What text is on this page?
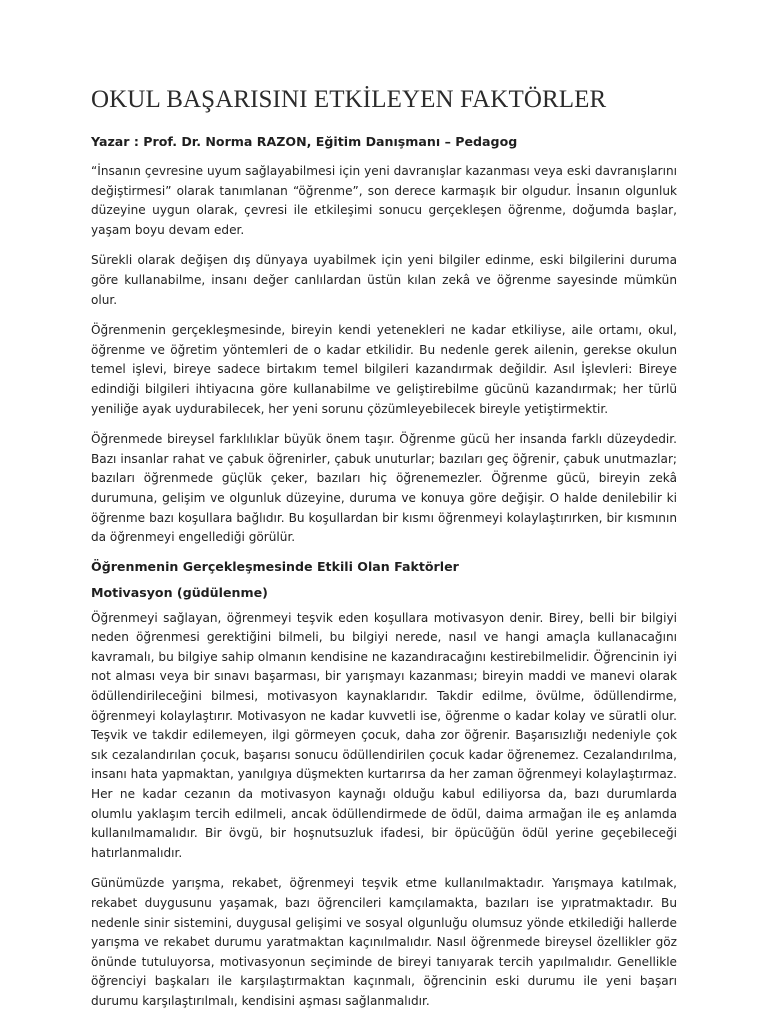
OKUL BAŞARISINI ETKİLEYEN FAKTÖRLER
Yazar : Prof. Dr. Norma RAZON, Eğitim Danışmanı – Pedagog

“İnsanın çevresine uyum sağlayabilmesi için yeni davranışlar kazanması veya eski davranışlarını değiştirmesi” olarak tanımlanan “öğrenme”, son derece karmaşık bir olgudur. İnsanın olgunluk düzeyine uygun olarak, çevresi ile etkileşimi sonucu gerçekleşen öğrenme, doğumda başlar, yaşam boyu devam eder.

Sürekli olarak değişen dış dünyaya uyabilmek için yeni bilgiler edinme, eski bilgilerini duruma göre kullanabilme, insanı değer canlılardan üstün kılan zekâ ve öğrenme sayesinde mümkün olur.

Öğrenmenin gerçekleşmesinde, bireyin kendi yetenekleri ne kadar etkiliyse, aile ortamı, okul, öğrenme ve öğretim yöntemleri de o kadar etkilidir. Bu nedenle gerek ailenin, gerekse okulun temel işlevi, bireye sadece birtakım temel bilgileri kazandırmak değildir. Asıl İşlevleri: Bireye edindiği bilgileri ihtiyacına göre kullanabilme ve geliştirebilme gücünü kazandırmak; her türlü yeniliğe ayak uydurabilecek, her yeni sorunu çözümleyebilecek bireyle yetiştirmektir.

Öğrenmede bireysel farklılıklar büyük önem taşır. Öğrenme gücü her insanda farklı düzeydedir. Bazı insanlar rahat ve çabuk öğrenirler, çabuk unuturlar; bazıları geç öğrenir, çabuk unutmazlar; bazıları öğrenmede güçlük çeker, bazıları hiç öğrenemezler. Öğrenme gücü, bireyin zekâ durumuna, gelişim ve olgunluk düzeyine, duruma ve konuya göre değişir. O halde denilebilir ki öğrenme bazı koşullara bağlıdır. Bu koşullardan bir kısmı öğrenmeyi kolaylaştırırken, bir kısmının da öğrenmeyi engellediği görülür.

Öğrenmenin Gerçekleşmesinde Etkili Olan Faktörler
Motivasyon (güdülenme)

Öğrenmeyi sağlayan, öğrenmeyi teşvik eden koşullara motivasyon denir. Birey, belli bir bilgiyi neden öğrenmesi gerektiğini bilmeli, bu bilgiyi nerede, nasıl ve hangi amaçla kullanacağını kavramalı, bu bilgiye sahip olmanın kendisine ne kazandıracağını kestirebilmelidir. Öğrencinin iyi not alması veya bir sınavı başarması, bir yarışmayı kazanması; bireyin maddi ve manevi olarak ödüllendirileceğini bilmesi, motivasyon kaynaklarıdır. Takdir edilme, övülme, ödüllendirme, öğrenmeyi kolaylaştırır. Motivasyon ne kadar kuvvetli ise, öğrenme o kadar kolay ve süratli olur. Teşvik ve takdir edilemeyen, ilgi görmeyen çocuk, daha zor öğrenir. Başarısızlığı nedeniyle çok sık cezalandırılan çocuk, başarısı sonucu ödüllendirilen çocuk kadar öğrenemez. Cezalandırılma, insanı hata yapmaktan, yanılgıya düşmekten kurtarırsa da her zaman öğrenmeyi kolaylaştırmaz. Her ne kadar cezanın da motivasyon kaynağı olduğu kabul ediliyorsa da, bazı durumlarda olumlu yaklaşım tercih edilmeli, ancak ödüllendirmede de ödül, daima armağan ile eş anlamda kullanılmamalıdır. Bir övgü, bir hoşnutsuzluk ifadesi, bir öpücüğün ödül yerine geçebileceği hatırlanmalıdır.

Günümüzde yarışma, rekabet, öğrenmeyi teşvik etme kullanılmaktadır. Yarışmaya katılmak, rekabet duygusunu yaşamak, bazı öğrencileri kamçılamakta, bazıları ise yıpratmaktadır. Bu nedenle sinir sistemini, duygusal gelişimi ve sosyal olgunluğu olumsuz yönde etkilediği hallerde yarışma ve rekabet durumu yaratmaktan kaçınılmalıdır. Nasıl öğrenmede bireysel özellikler göz önünde tutuluyorsa, motivasyonun seçiminde de bireyi tanıyarak tercih yapılmalıdır. Genellikle öğrenciyi başkaları ile karşılaştırmaktan kaçınmalı, öğrencinin eski durumu ile yeni başarı durumu karşılaştırılmalı, kendisini aşması sağlanmalıdır.
